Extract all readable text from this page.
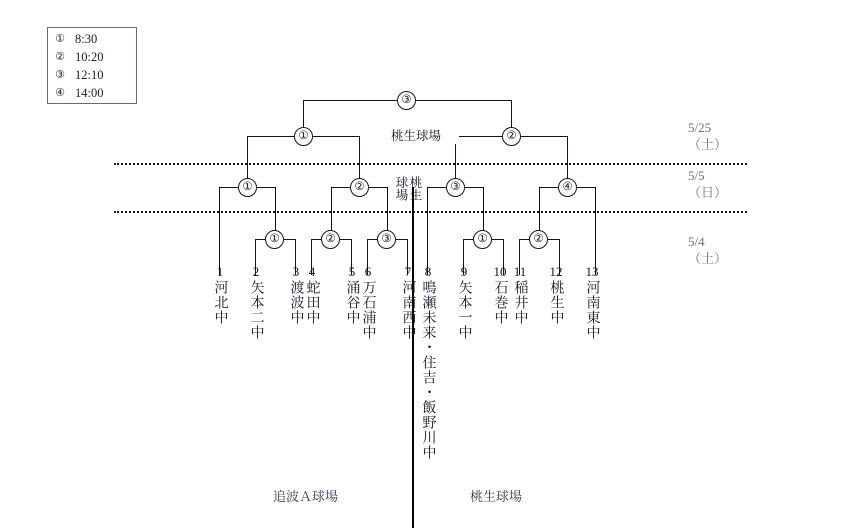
① 8:30
② 10:20
③ 12:10
④ 14:00	③
①	②
桃生球場
①	②	③	④
桃生
球場
①	②	③	①	②
5/25
（土）
5/5
（日）
5/4
（土）
1
河北中
2
矢本二中
3
渡波中
4
蛇田中
5
涌谷中
6
万石浦中
7
河南西中
8
鳴瀬未来・住吉・飯野川中
9
矢本一中
10
石巻中
11
稲井中
12
桃生中
13
河南東中
追波Ａ球場	桃生球場
